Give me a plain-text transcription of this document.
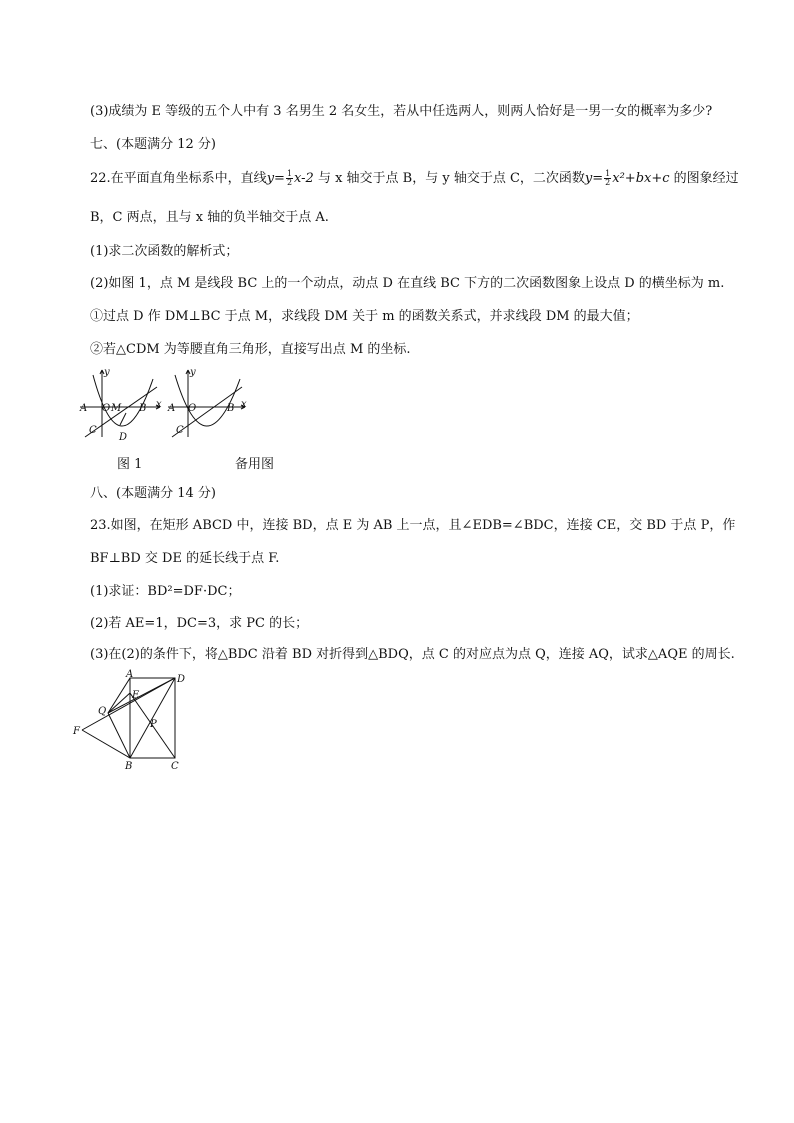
(3)成绩为 E 等级的五个人中有 3 名男生 2 名女生，若从中任选两人，则两人恰好是一男一女的概率为多少?
七、(本题满分 12 分)
22.在平面直角坐标系中，直线$y= \frac{1}{2} x-2$ 与 x 轴交于点 B，与 y 轴交于点 C，二次函数$y= \frac{1}{2} x^2+bx+c$ 的图象经过
B，C 两点，且与 x 轴的负半轴交于点 A.
(1)求二次函数的解析式；
(2)如图 1，点 M 是线段 BC 上的一个动点，动点 D 在直线 BC 下方的二次函数图象上设点 D 的横坐标为 m.
①过点 D 作 DM⊥BC 于点 M，求线段 DM 关于 m 的函数关系式，并求线段 DM 的最大值；
②若△CDM 为等腰直角三角形，直接写出点 M 的坐标.
A O M B x
y
C
D
A O	B x
y
C
图 1	备用图
八、(本题满分 14 分)
23.如图，在矩形 ABCD 中，连接 BD，点 E 为 AB 上一点，且∠EDB=∠BDC，连接 CE，交 BD 于点 P，作
BF⊥BD 交 DE 的延长线于点 F.
(1)求证：BD²=DF·DC；
(2)若 AE=1，DC=3，求 PC 的长；
(3)在(2)的条件下，将△BDC 沿着 BD 对折得到△BDQ，点 C 的对应点为点 Q，连接 AQ，试求△AQE 的周长.
A	D
E
Q
P
F
B	C
